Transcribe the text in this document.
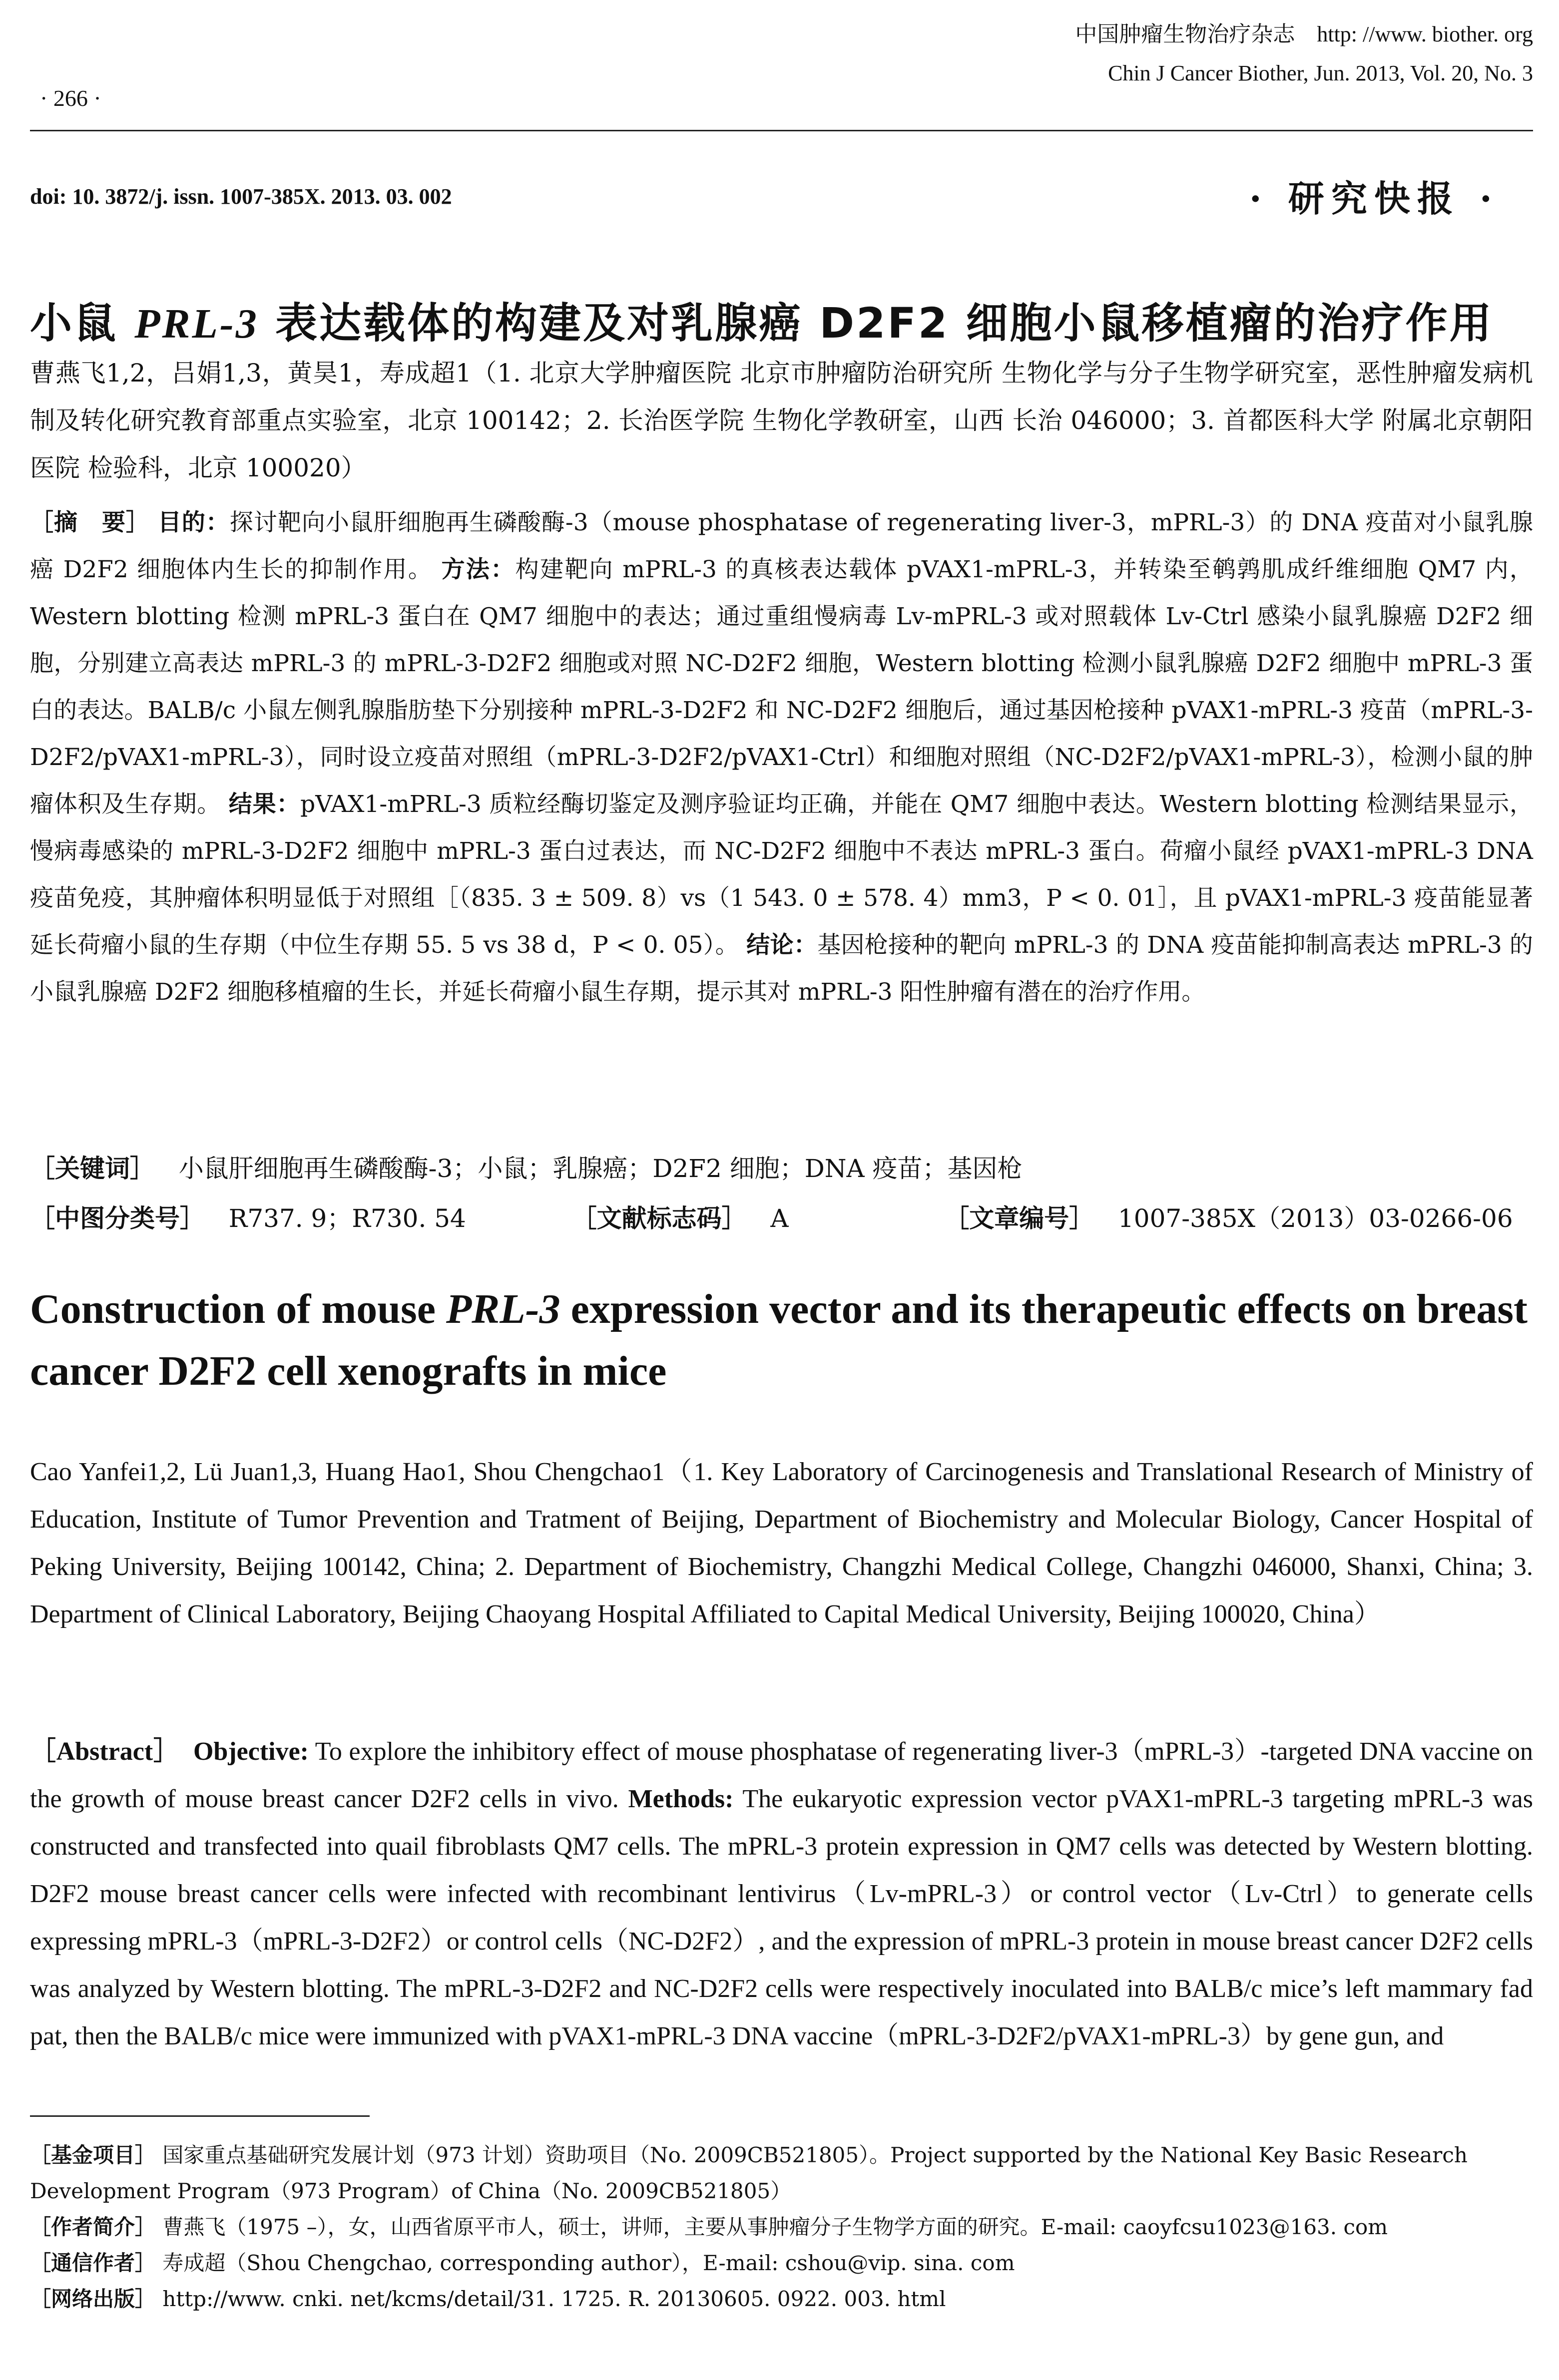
中国肿瘤生物治疗杂志 http: //www. biother. org
Chin J Cancer Biother, Jun. 2013, Vol. 20, No. 3
· 266 ·
doi: 10. 3872/j. issn. 1007-385X. 2013. 03. 002	· 研究快报 ·
小鼠 PRL-3 表达载体的构建及对乳腺癌 D2F2 细胞小鼠移植瘤的治疗作用
曹燕飞1,2，吕娟1,3，黄昊1，寿成超1（1. 北京大学肿瘤医院 北京市肿瘤防治研究所 生物化学与分子生物学研究室，恶性肿瘤发病机制及转化研究教育部重点实验室，北京 100142；2. 长治医学院 生物化学教研室，山西 长治 046000；3. 首都医科大学 附属北京朝阳医院 检验科，北京 100020）
［摘　要］ 目的：探讨靶向小鼠肝细胞再生磷酸酶-3（mouse phosphatase of regenerating liver-3，mPRL-3）的 DNA 疫苗对小鼠乳腺癌 D2F2 细胞体内生长的抑制作用。 方法：构建靶向 mPRL-3 的真核表达载体 pVAX1-mPRL-3，并转染至鹌鹑肌成纤维细胞 QM7 内，Western blotting 检测 mPRL-3 蛋白在 QM7 细胞中的表达；通过重组慢病毒 Lv-mPRL-3 或对照载体 Lv-Ctrl 感染小鼠乳腺癌 D2F2 细胞，分别建立高表达 mPRL-3 的 mPRL-3-D2F2 细胞或对照 NC-D2F2 细胞，Western blotting 检测小鼠乳腺癌 D2F2 细胞中 mPRL-3 蛋白的表达。BALB/c 小鼠左侧乳腺脂肪垫下分别接种 mPRL-3-D2F2 和 NC-D2F2 细胞后，通过基因枪接种 pVAX1-mPRL-3 疫苗（mPRL-3-D2F2/pVAX1-mPRL-3），同时设立疫苗对照组（mPRL-3-D2F2/pVAX1-Ctrl）和细胞对照组（NC-D2F2/pVAX1-mPRL-3），检测小鼠的肿瘤体积及生存期。 结果：pVAX1-mPRL-3 质粒经酶切鉴定及测序验证均正确，并能在 QM7 细胞中表达。Western blotting 检测结果显示，慢病毒感染的 mPRL-3-D2F2 细胞中 mPRL-3 蛋白过表达，而 NC-D2F2 细胞中不表达 mPRL-3 蛋白。荷瘤小鼠经 pVAX1-mPRL-3 DNA 疫苗免疫，其肿瘤体积明显低于对照组［（835. 3 ± 509. 8）vs（1 543. 0 ± 578. 4）mm3，P < 0. 01］，且 pVAX1-mPRL-3 疫苗能显著延长荷瘤小鼠的生存期（中位生存期 55. 5 vs 38 d，P < 0. 05）。 结论：基因枪接种的靶向 mPRL-3 的 DNA 疫苗能抑制高表达 mPRL-3 的小鼠乳腺癌 D2F2 细胞移植瘤的生长，并延长荷瘤小鼠生存期，提示其对 mPRL-3 阳性肿瘤有潜在的治疗作用。
［关键词］ 小鼠肝细胞再生磷酸酶-3；小鼠；乳腺癌；D2F2 细胞；DNA 疫苗；基因枪
［中图分类号］ R737. 9；R730. 54	［文献标志码］ A	［文章编号］ 1007-385X（2013）03-0266-06
Construction of mouse PRL-3 expression vector and its therapeutic effects on breast cancer D2F2 cell xenografts in mice
Cao Yanfei1,2, Lü Juan1,3, Huang Hao1, Shou Chengchao1（1. Key Laboratory of Carcinogenesis and Translational Research of Ministry of Education, Institute of Tumor Prevention and Tratment of Beijing, Department of Biochemistry and Molecular Biology, Cancer Hospital of Peking University, Beijing 100142, China; 2. Department of Biochemistry, Changzhi Medical College, Changzhi 046000, Shanxi, China; 3. Department of Clinical Laboratory, Beijing Chaoyang Hospital Affiliated to Capital Medical University, Beijing 100020, China）
［Abstract］ Objective: To explore the inhibitory effect of mouse phosphatase of regenerating liver-3（mPRL-3）-targeted DNA vaccine on the growth of mouse breast cancer D2F2 cells in vivo. Methods: The eukaryotic expression vector pVAX1-mPRL-3 targeting mPRL-3 was constructed and transfected into quail fibroblasts QM7 cells. The mPRL-3 protein expression in QM7 cells was detected by Western blotting. D2F2 mouse breast cancer cells were infected with recombinant lentivirus（Lv-mPRL-3）or control vector（Lv-Ctrl）to generate cells expressing mPRL-3（mPRL-3-D2F2）or control cells（NC-D2F2）, and the expression of mPRL-3 protein in mouse breast cancer D2F2 cells was analyzed by Western blotting. The mPRL-3-D2F2 and NC-D2F2 cells were respectively inoculated into BALB/c mice’s left mammary fad pat, then the BALB/c mice were immunized with pVAX1-mPRL-3 DNA vaccine（mPRL-3-D2F2/pVAX1-mPRL-3）by gene gun, and
［基金项目］ 国家重点基础研究发展计划（973 计划）资助项目（No. 2009CB521805）。Project supported by the National Key Basic Research Development Program（973 Program）of China（No. 2009CB521805）
［作者简介］ 曹燕飞（1975 –），女，山西省原平市人，硕士，讲师，主要从事肿瘤分子生物学方面的研究。E-mail: caoyfcsu1023@163. com
［通信作者］ 寿成超（Shou Chengchao, corresponding author），E-mail: cshou@vip. sina. com
［网络出版］ http://www. cnki. net/kcms/detail/31. 1725. R. 20130605. 0922. 003. html
